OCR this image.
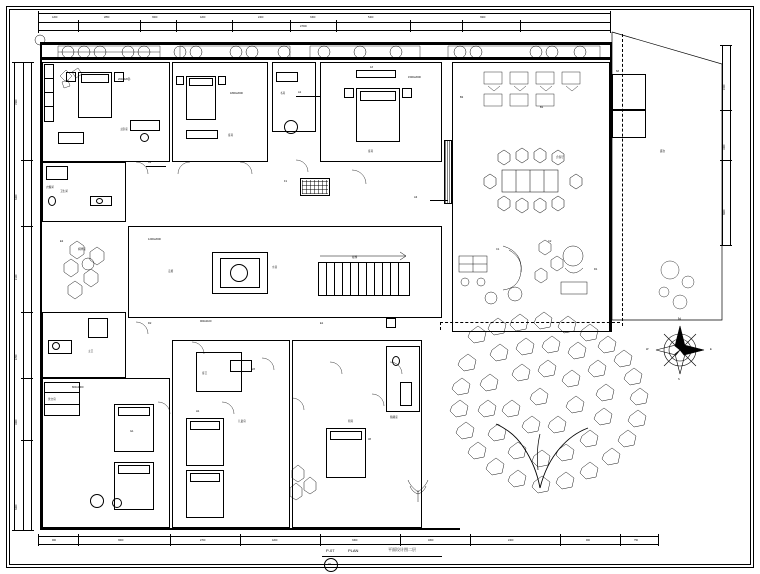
1200	2850	3600	4200	2400	3300	5400	3900
27600
1500
3300
2100
2700
1800
3000
2400
1800
3600
900	3600	2700	4200	3300	1800	2400	900	750
主卧室
200x420卧
卫生间
衣帽间
客房
1800x2000	书房
客房
1500x2000
1#
会客厅
6#
露台
楼梯
水景
走廊
1200x2000
900x2100
棋牌室
主卫
洗衣房
800x2000
客卫
儿童房
2#
厨房
3#
储藏室
N
E
W
S
A1
A2
A3
B1
B2
C1
C2
D1
D2	E1
E2
F1
G1
H1
02
P-07	PLAN	平面设计图二层
